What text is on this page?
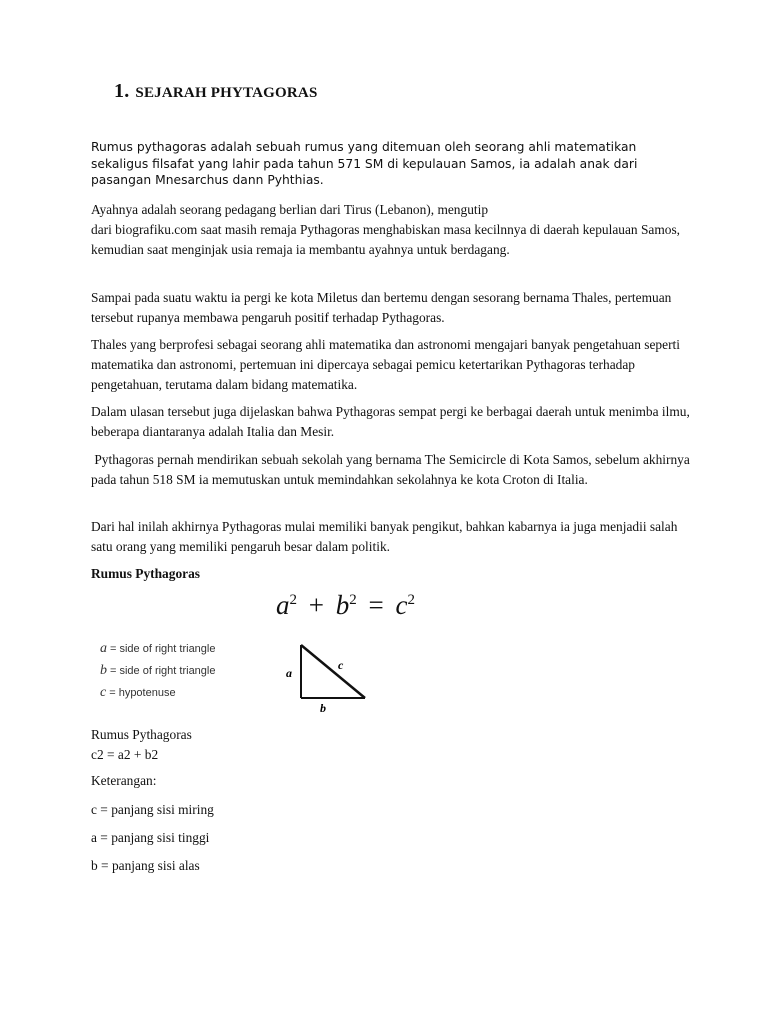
1. SEJARAH PHYTAGORAS
Rumus pythagoras adalah sebuah rumus yang ditemuan oleh seorang ahli matematikan sekaligus filsafat yang lahir pada tahun 571 SM di kepulauan Samos, ia adalah anak dari pasangan Mnesarchus dann Pyhthias.
Ayahnya adalah seorang pedagang berlian dari Tirus (Lebanon), mengutip
dari biografiku.com saat masih remaja Pythagoras menghabiskan masa kecilnnya di daerah kepulauan Samos, kemudian saat menginjak usia remaja ia membantu ayahnya untuk berdagang.
Sampai pada suatu waktu ia pergi ke kota Miletus dan bertemu dengan sesorang bernama Thales, pertemuan tersebut rupanya membawa pengaruh positif terhadap Pythagoras.
Thales yang berprofesi sebagai seorang ahli matematika dan astronomi mengajari banyak pengetahuan seperti matematika dan astronomi, pertemuan ini dipercaya sebagai pemicu ketertarikan Pythagoras terhadap pengetahuan, terutama dalam bidang matematika.
Dalam ulasan tersebut juga dijelaskan bahwa Pythagoras sempat pergi ke berbagai daerah untuk menimba ilmu, beberapa diantaranya adalah Italia dan Mesir.
Pythagoras pernah mendirikan sebuah sekolah yang bernama The Semicircle di Kota Samos, sebelum akhirnya pada tahun 518 SM ia memutuskan untuk memindahkan sekolahnya ke kota Croton di Italia.
Dari hal inilah akhirnya Pythagoras mulai memiliki banyak pengikut, bahkan kabarnya ia juga menjadii salah satu orang yang memiliki pengaruh besar dalam politik.
Rumus Pythagoras
$a^2 + b^2 = c^2$
a = side of right triangle
b = side of right triangle
c = hypotenuse
a
c
b
Rumus Pythagoras
c2 = a2 + b2
Keterangan:
c = panjang sisi miring
a = panjang sisi tinggi
b = panjang sisi alas
